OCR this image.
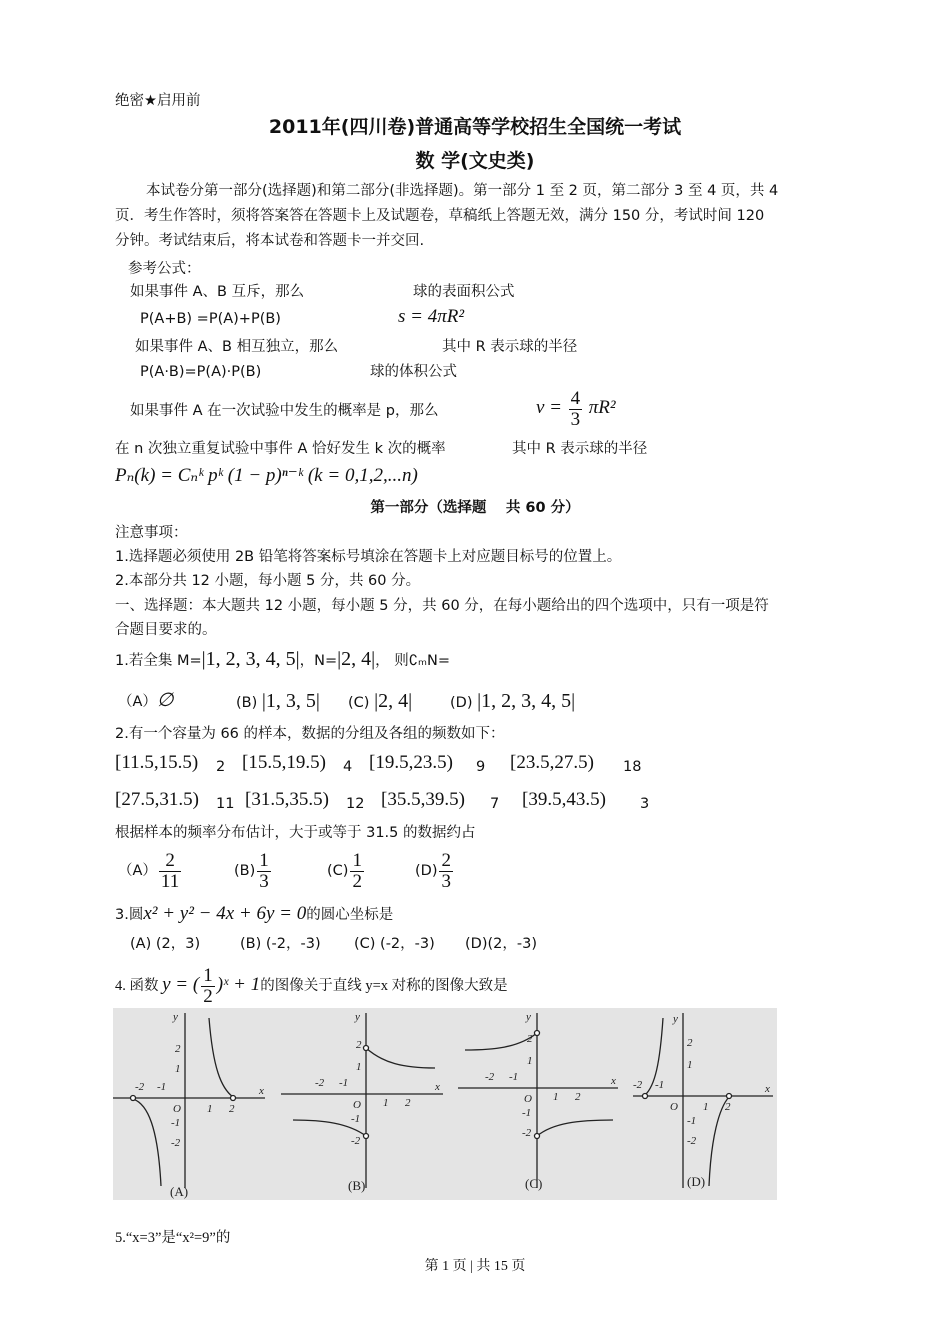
绝密★启用前
2011年(四川卷)普通高等学校招生全国统一考试
数 学(文史类)
本试卷分第一部分(选择题)和第二部分(非选择题)。第一部分 1 至 2 页，第二部分 3 至 4 页，共 4
页．考生作答时，须将答案答在答题卡上及试题卷，草稿纸上答题无效，满分 150 分，考试时间 120
分钟。考试结束后，将本试卷和答题卡一并交回.
参考公式：
如果事件 A、B 互斥，那么	球的表面积公式
P(A+B) =P(A)+P(B)	s = 4πR²
如果事件 A、B 相互独立，那么	其中 R 表示球的半径
P(A·B)=P(A)·P(B)	球的体积公式
如果事件 A 在一次试验中发生的概率是 p，那么	$v = \frac{4}{3} \pi R^2$
在 n 次独立重复试验中事件 A 恰好发生 k 次的概率	其中 R 表示球的半径
Pₙ(k) = Cₙᵏ pᵏ (1 − p)ⁿ⁻ᵏ (k = 0,1,2,...n)
第一部分（选择题　 共 60 分）
注意事项：
1.选择题必须使用 2B 铅笔将答案标号填涂在答题卡上对应题目标号的位置上。
2.本部分共 12 小题，每小题 5 分，共 60 分。
一、选择题：本大题共 12 小题，每小题 5 分，共 60 分，在每小题给出的四个选项中，只有一项是符
合题目要求的。
1.若全集 M=|1, 2, 3, 4, 5|，N=|2, 4|， 则∁ₘN=
（A）∅	(B) |1, 3, 5| (C) |2, 4|	(D) |1, 2, 3, 4, 5|
2.有一个容量为 66 的样本，数据的分组及各组的频数如下：
[11.5,15.5) 2 [15.5,19.5) 4 [19.5,23.5) 9 [23.5,27.5) 18
[27.5,31.5) 11 [31.5,35.5) 12 [35.5,39.5) 7 [39.5,43.5) 3
根据样本的频率分布估计，大于或等于 31.5 的数据约占
$(A) \frac{2}{11}$	$(B) \frac{1}{3}$	$(C) \frac{1}{2}$	$(D) \frac{2}{3}$
3.圆x² + y² − 4x + 6y = 0的圆心坐标是
(A) (2，3)	(B) (-2，-3) (C) (-2，-3) (D)(2，-3)
4. 函数 y = ( $\frac{1}{2}$ )ˣ + 1的图像关于直线 y=x 对称的图像大致是
y
x
O
2
1
1 2
-2 -1
-1
-2
y
x
O
2
1
1 2
-2 -1
-1
-2
y
x
O
2
1
1 2
-2 -1
-1
-2
y
x
O
2
1
1 2
-2 -1
-1
-2
(A)	(B)	(C)	(D)
5.“x=3”是“x²=9”的
第 1 页 | 共 15 页
